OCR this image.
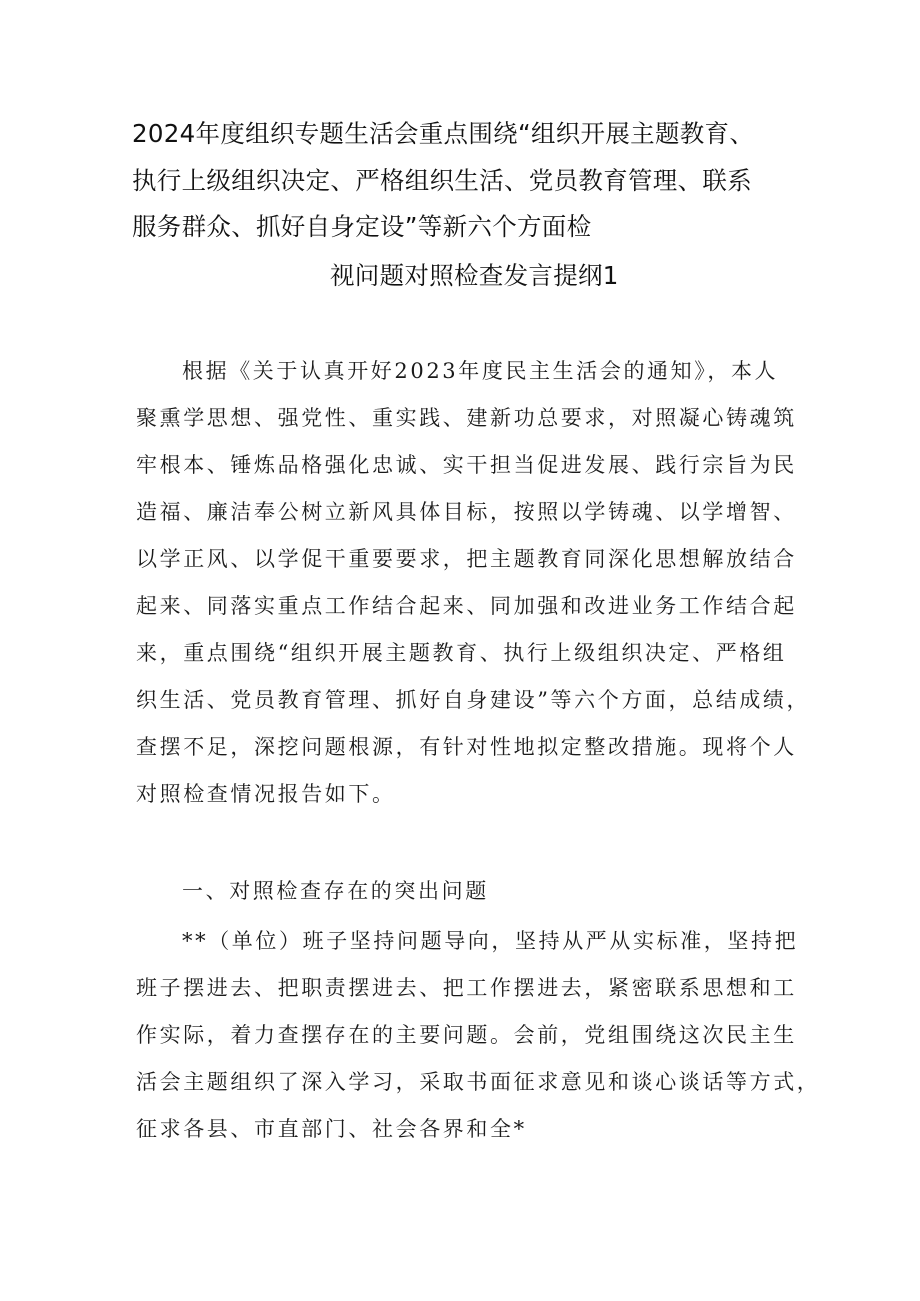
2024年度组织专题生活会重点围绕“组织开展主题教育、
执行上级组织决定、严格组织生活、党员教育管理、联系
服务群众、抓好自身定设”等新六个方面检
视问题对照检查发言提纲1
根据《关于认真开好2023年度民主生活会的通知》，本人
聚熏学思想、强党性、重实践、建新功总要求，对照凝心铸魂筑
牢根本、锤炼品格强化忠诚、实干担当促进发展、践行宗旨为民
造福、廉洁奉公树立新风具体目标，按照以学铸魂、以学增智、
以学正风、以学促干重要要求，把主题教育同深化思想解放结合
起来、同落实重点工作结合起来、同加强和改进业务工作结合起
来，重点围绕“组织开展主题教育、执行上级组织决定、严格组
织生活、党员教育管理、抓好自身建设”等六个方面，总结成绩，
查摆不足，深挖问题根源，有针对性地拟定整改措施。现将个人
对照检查情况报告如下。
一、对照检查存在的突出问题
**（单位）班子坚持问题导向，坚持从严从实标准，坚持把
班子摆进去、把职责摆进去、把工作摆进去，紧密联系思想和工
作实际，着力查摆存在的主要问题。会前，党组围绕这次民主生
活会主题组织了深入学习，采取书面征求意见和谈心谈话等方式，
征求各县、市直部门、社会各界和全*
